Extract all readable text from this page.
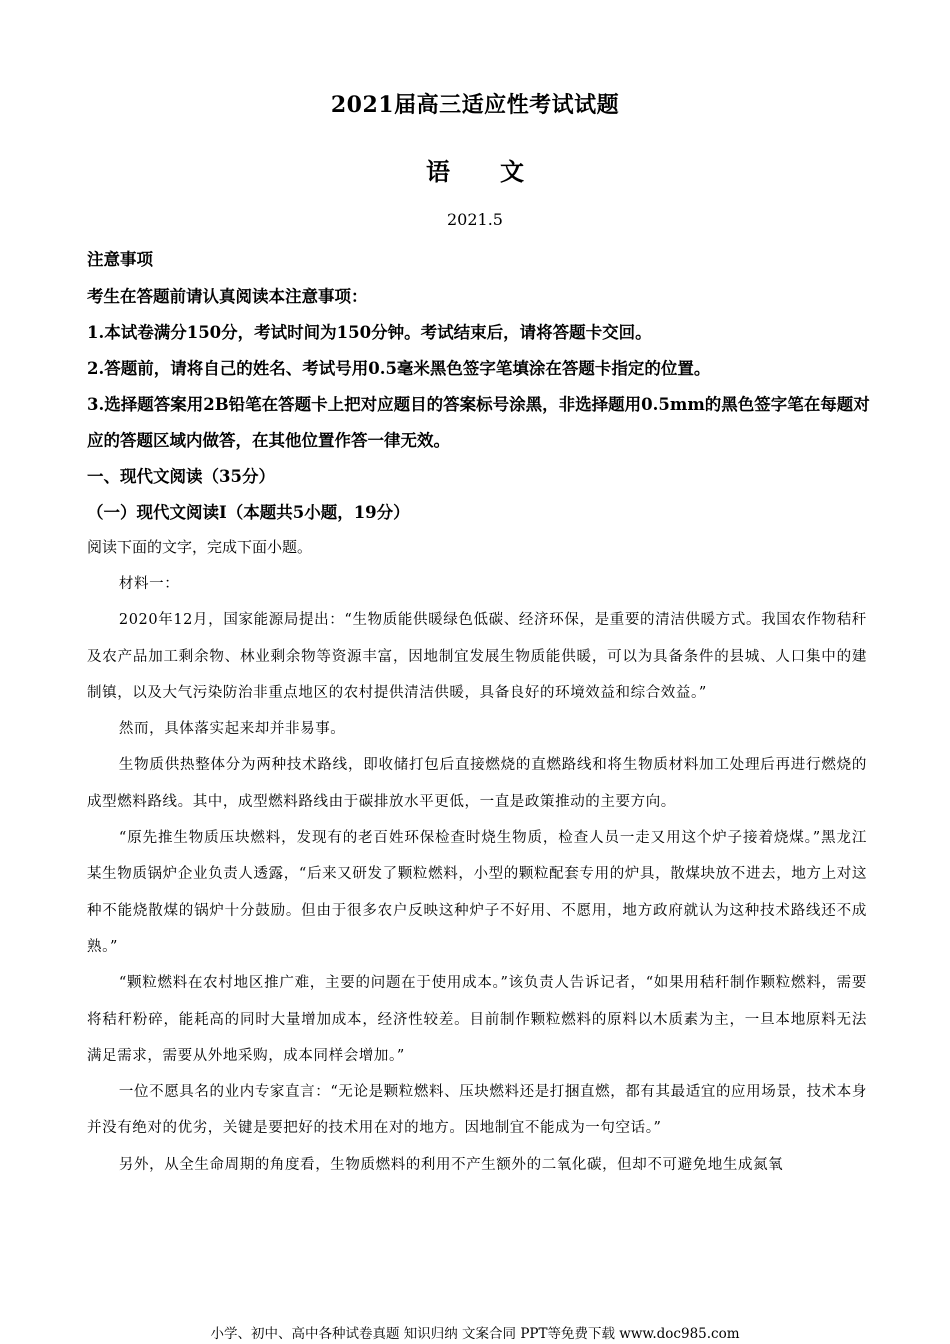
2021届高三适应性考试试题
语文
2021.5
注意事项
考生在答题前请认真阅读本注意事项：
1.本试卷满分150分，考试时间为150分钟。考试结束后，请将答题卡交回。
2.答题前，请将自己的姓名、考试号用0.5毫米黑色签字笔填涂在答题卡指定的位置。
3.选择题答案用2B铅笔在答题卡上把对应题目的答案标号涂黑，非选择题用0.5mm的黑色签字笔在每题对应的答题区域内做答，在其他位置作答一律无效。
一、现代文阅读（35分）
（一）现代文阅读Ⅰ（本题共5小题，19分）
阅读下面的文字，完成下面小题。

材料一：

2020年12月，国家能源局提出：“生物质能供暖绿色低碳、经济环保，是重要的清洁供暖方式。我国农作物秸秆及农产品加工剩余物、林业剩余物等资源丰富，因地制宜发展生物质能供暖，可以为具备条件的县城、人口集中的建制镇，以及大气污染防治非重点地区的农村提供清洁供暖，具备良好的环境效益和综合效益。”

然而，具体落实起来却并非易事。

生物质供热整体分为两种技术路线，即收储打包后直接燃烧的直燃路线和将生物质材料加工处理后再进行燃烧的成型燃料路线。其中，成型燃料路线由于碳排放水平更低，一直是政策推动的主要方向。

“原先推生物质压块燃料，发现有的老百姓环保检查时烧生物质，检查人员一走又用这个炉子接着烧煤。”黑龙江某生物质锅炉企业负责人透露，“后来又研发了颗粒燃料，小型的颗粒配套专用的炉具，散煤块放不进去，地方上对这种不能烧散煤的锅炉十分鼓励。但由于很多农户反映这种炉子不好用、不愿用，地方政府就认为这种技术路线还不成熟。”

“颗粒燃料在农村地区推广难，主要的问题在于使用成本。”该负责人告诉记者，“如果用秸秆制作颗粒燃料，需要将秸秆粉碎，能耗高的同时大量增加成本，经济性较差。目前制作颗粒燃料的原料以木质素为主，一旦本地原料无法满足需求，需要从外地采购，成本同样会增加。”

一位不愿具名的业内专家直言：“无论是颗粒燃料、压块燃料还是打捆直燃，都有其最适宜的应用场景，技术本身并没有绝对的优劣，关键是要把好的技术用在对的地方。因地制宜不能成为一句空话。”

另外，从全生命周期的角度看，生物质燃料的利用不产生额外的二氧化碳，但却不可避免地生成氮氧

小学、初中、高中各种试卷真题 知识归纳 文案合同 PPT等免费下载 www.doc985.com
